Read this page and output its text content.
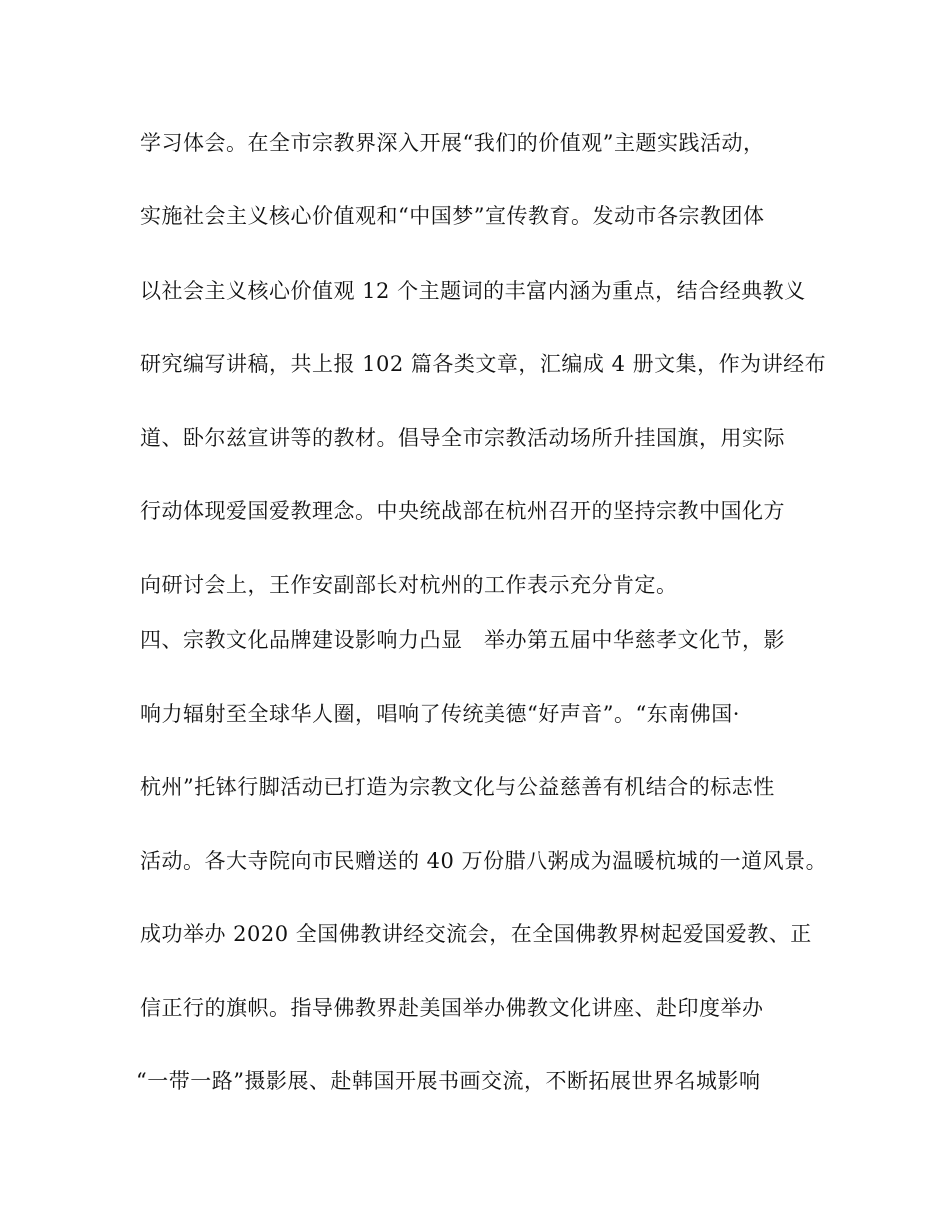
学习体会。在全市宗教界深入开展“我们的价值观”主题实践活动，
实施社会主义核心价值观和“中国梦”宣传教育。发动市各宗教团体
以社会主义核心价值观 12 个主题词的丰富内涵为重点，结合经典教义
研究编写讲稿，共上报 102 篇各类文章，汇编成 4 册文集，作为讲经布
道、卧尔兹宣讲等的教材。倡导全市宗教活动场所升挂国旗，用实际
行动体现爱国爱教理念。中央统战部在杭州召开的坚持宗教中国化方
向研讨会上，王作安副部长对杭州的工作表示充分肯定。
四、宗教文化品牌建设影响力凸显　举办第五届中华慈孝文化节，影
响力辐射至全球华人圈，唱响了传统美德“好声音”。“东南佛国·
杭州”托钵行脚活动已打造为宗教文化与公益慈善有机结合的标志性
活动。各大寺院向市民赠送的 40 万份腊八粥成为温暖杭城的一道风景。
成功举办 2020 全国佛教讲经交流会，在全国佛教界树起爱国爱教、正
信正行的旗帜。指导佛教界赴美国举办佛教文化讲座、赴印度举办
“一带一路”摄影展、赴韩国开展书画交流，不断拓展世界名城影响
